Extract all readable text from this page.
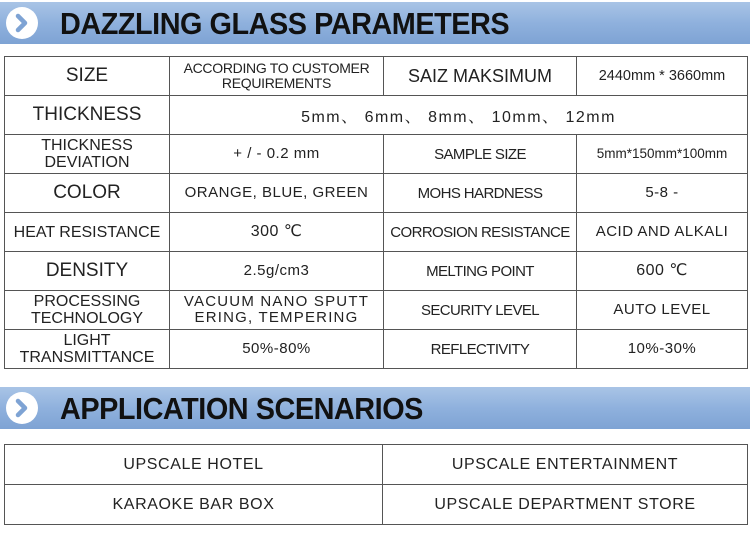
DAZZLING GLASS PARAMETERS
SIZE	ACCORDING TO CUSTOMER REQUIREMENTS	SAIZ MAKSIMUM	2440mm * 3660mm
THICKNESS	5mm、 6mm、 8mm、 10mm、 12mm		
THICKNESS DEVIATION	+ / - 0.2 mm	SAMPLE SIZE	5mm*150mm*100mm
COLOR	ORANGE, BLUE, GREEN	MOHS HARDNESS	5-8 -
HEAT RESISTANCE	300 ℃	CORROSION RESISTANCE	ACID AND ALKALI
DENSITY	2.5g/cm3	MELTING POINT	600 ℃
PROCESSING TECHNOLOGY	VACUUM NANO SPUTTERING, TEMPERING	SECURITY LEVEL	AUTO LEVEL
LIGHT TRANSMITTANCE	50%-80%	REFLECTIVITY	10%-30%
APPLICATION SCENARIOS
UPSCALE HOTEL	UPSCALE ENTERTAINMENT
KARAOKE BAR BOX	UPSCALE DEPARTMENT STORE
